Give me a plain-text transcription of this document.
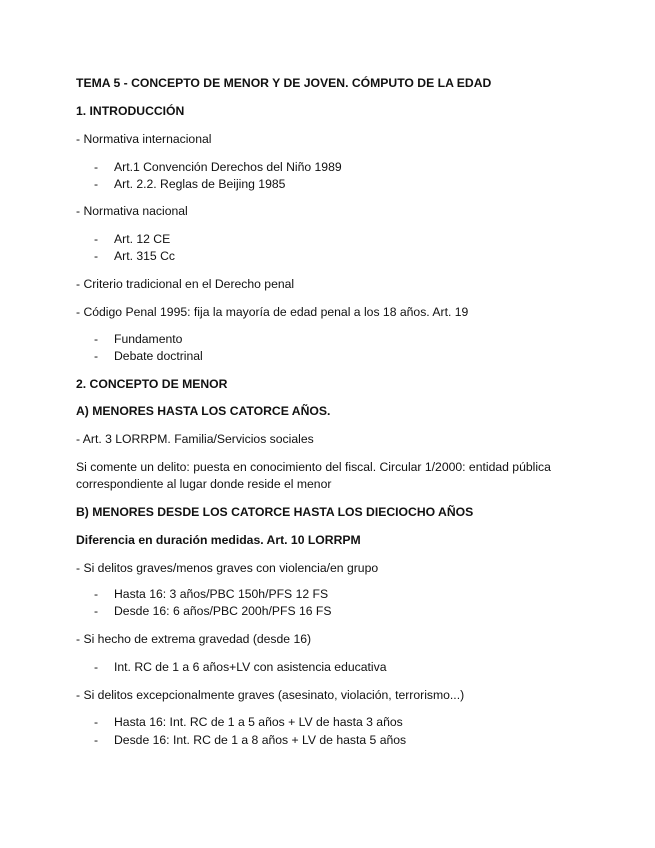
TEMA 5 - CONCEPTO DE MENOR Y DE JOVEN. CÓMPUTO DE LA EDAD
1. INTRODUCCIÓN
- Normativa internacional
- Art.1 Convención Derechos del Niño 1989
- Art. 2.2. Reglas de Beijing 1985
- Normativa nacional
- Art. 12 CE
- Art. 315 Cc
- Criterio tradicional en el Derecho penal
- Código Penal 1995: fija la mayoría de edad penal a los 18 años. Art. 19
- Fundamento
- Debate doctrinal
2. CONCEPTO DE MENOR
A) MENORES HASTA LOS CATORCE AÑOS.
- Art. 3 LORRPM. Familia/Servicios sociales
Si comente un delito: puesta en conocimiento del fiscal. Circular 1/2000: entidad pública
correspondiente al lugar donde reside el menor
B) MENORES DESDE LOS CATORCE HASTA LOS DIECIOCHO AÑOS
Diferencia en duración medidas. Art. 10 LORRPM
- Si delitos graves/menos graves con violencia/en grupo
- Hasta 16: 3 años/PBC 150h/PFS 12 FS
- Desde 16: 6 años/PBC 200h/PFS 16 FS
- Si hecho de extrema gravedad (desde 16)
- Int. RC de 1 a 6 años+LV con asistencia educativa
- Si delitos excepcionalmente graves (asesinato, violación, terrorismo...)
- Hasta 16: Int. RC de 1 a 5 años + LV de hasta 3 años
- Desde 16: Int. RC de 1 a 8 años + LV de hasta 5 años
